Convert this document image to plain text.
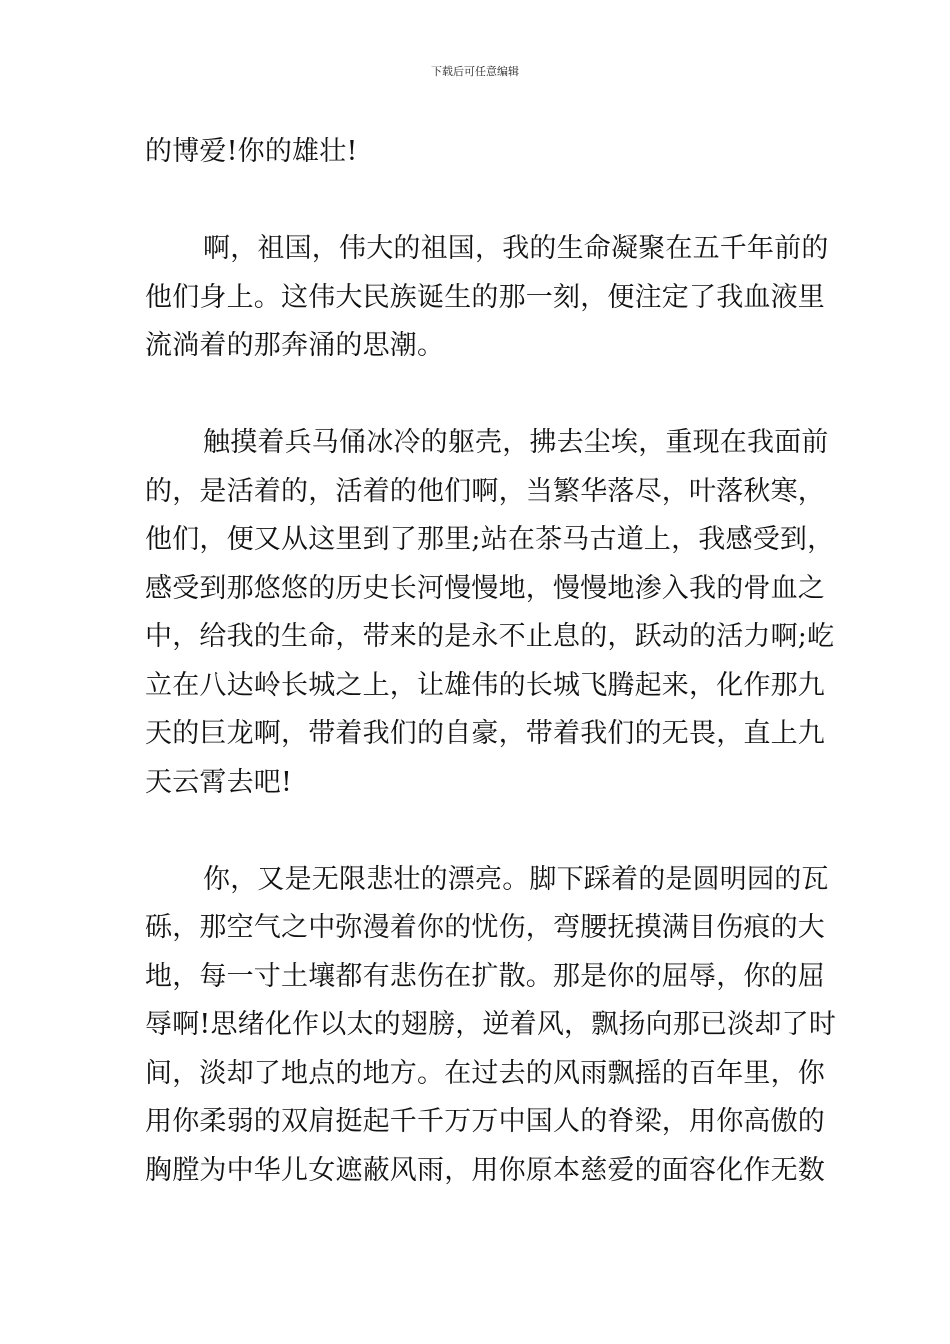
下载后可任意编辑
的博爱!你的雄壮!
啊，祖国，伟大的祖国，我的生命凝聚在五千年前的
他们身上。这伟大民族诞生的那一刻，便注定了我血液里
流淌着的那奔涌的思潮。
触摸着兵马俑冰冷的躯壳，拂去尘埃，重现在我面前
的，是活着的，活着的他们啊，当繁华落尽，叶落秋寒，
他们，便又从这里到了那里;站在茶马古道上，我感受到，
感受到那悠悠的历史长河慢慢地，慢慢地渗入我的骨血之
中，给我的生命，带来的是永不止息的，跃动的活力啊;屹
立在八达岭长城之上，让雄伟的长城飞腾起来，化作那九
天的巨龙啊，带着我们的自豪，带着我们的无畏，直上九
天云霄去吧!
你，又是无限悲壮的漂亮。脚下踩着的是圆明园的瓦
砾，那空气之中弥漫着你的忧伤，弯腰抚摸满目伤痕的大
地，每一寸土壤都有悲伤在扩散。那是你的屈辱，你的屈
辱啊!思绪化作以太的翅膀，逆着风，飘扬向那已淡却了时
间，淡却了地点的地方。在过去的风雨飘摇的百年里，你
用你柔弱的双肩挺起千千万万中国人的脊梁，用你高傲的
胸膛为中华儿女遮蔽风雨，用你原本慈爱的面容化作无数
